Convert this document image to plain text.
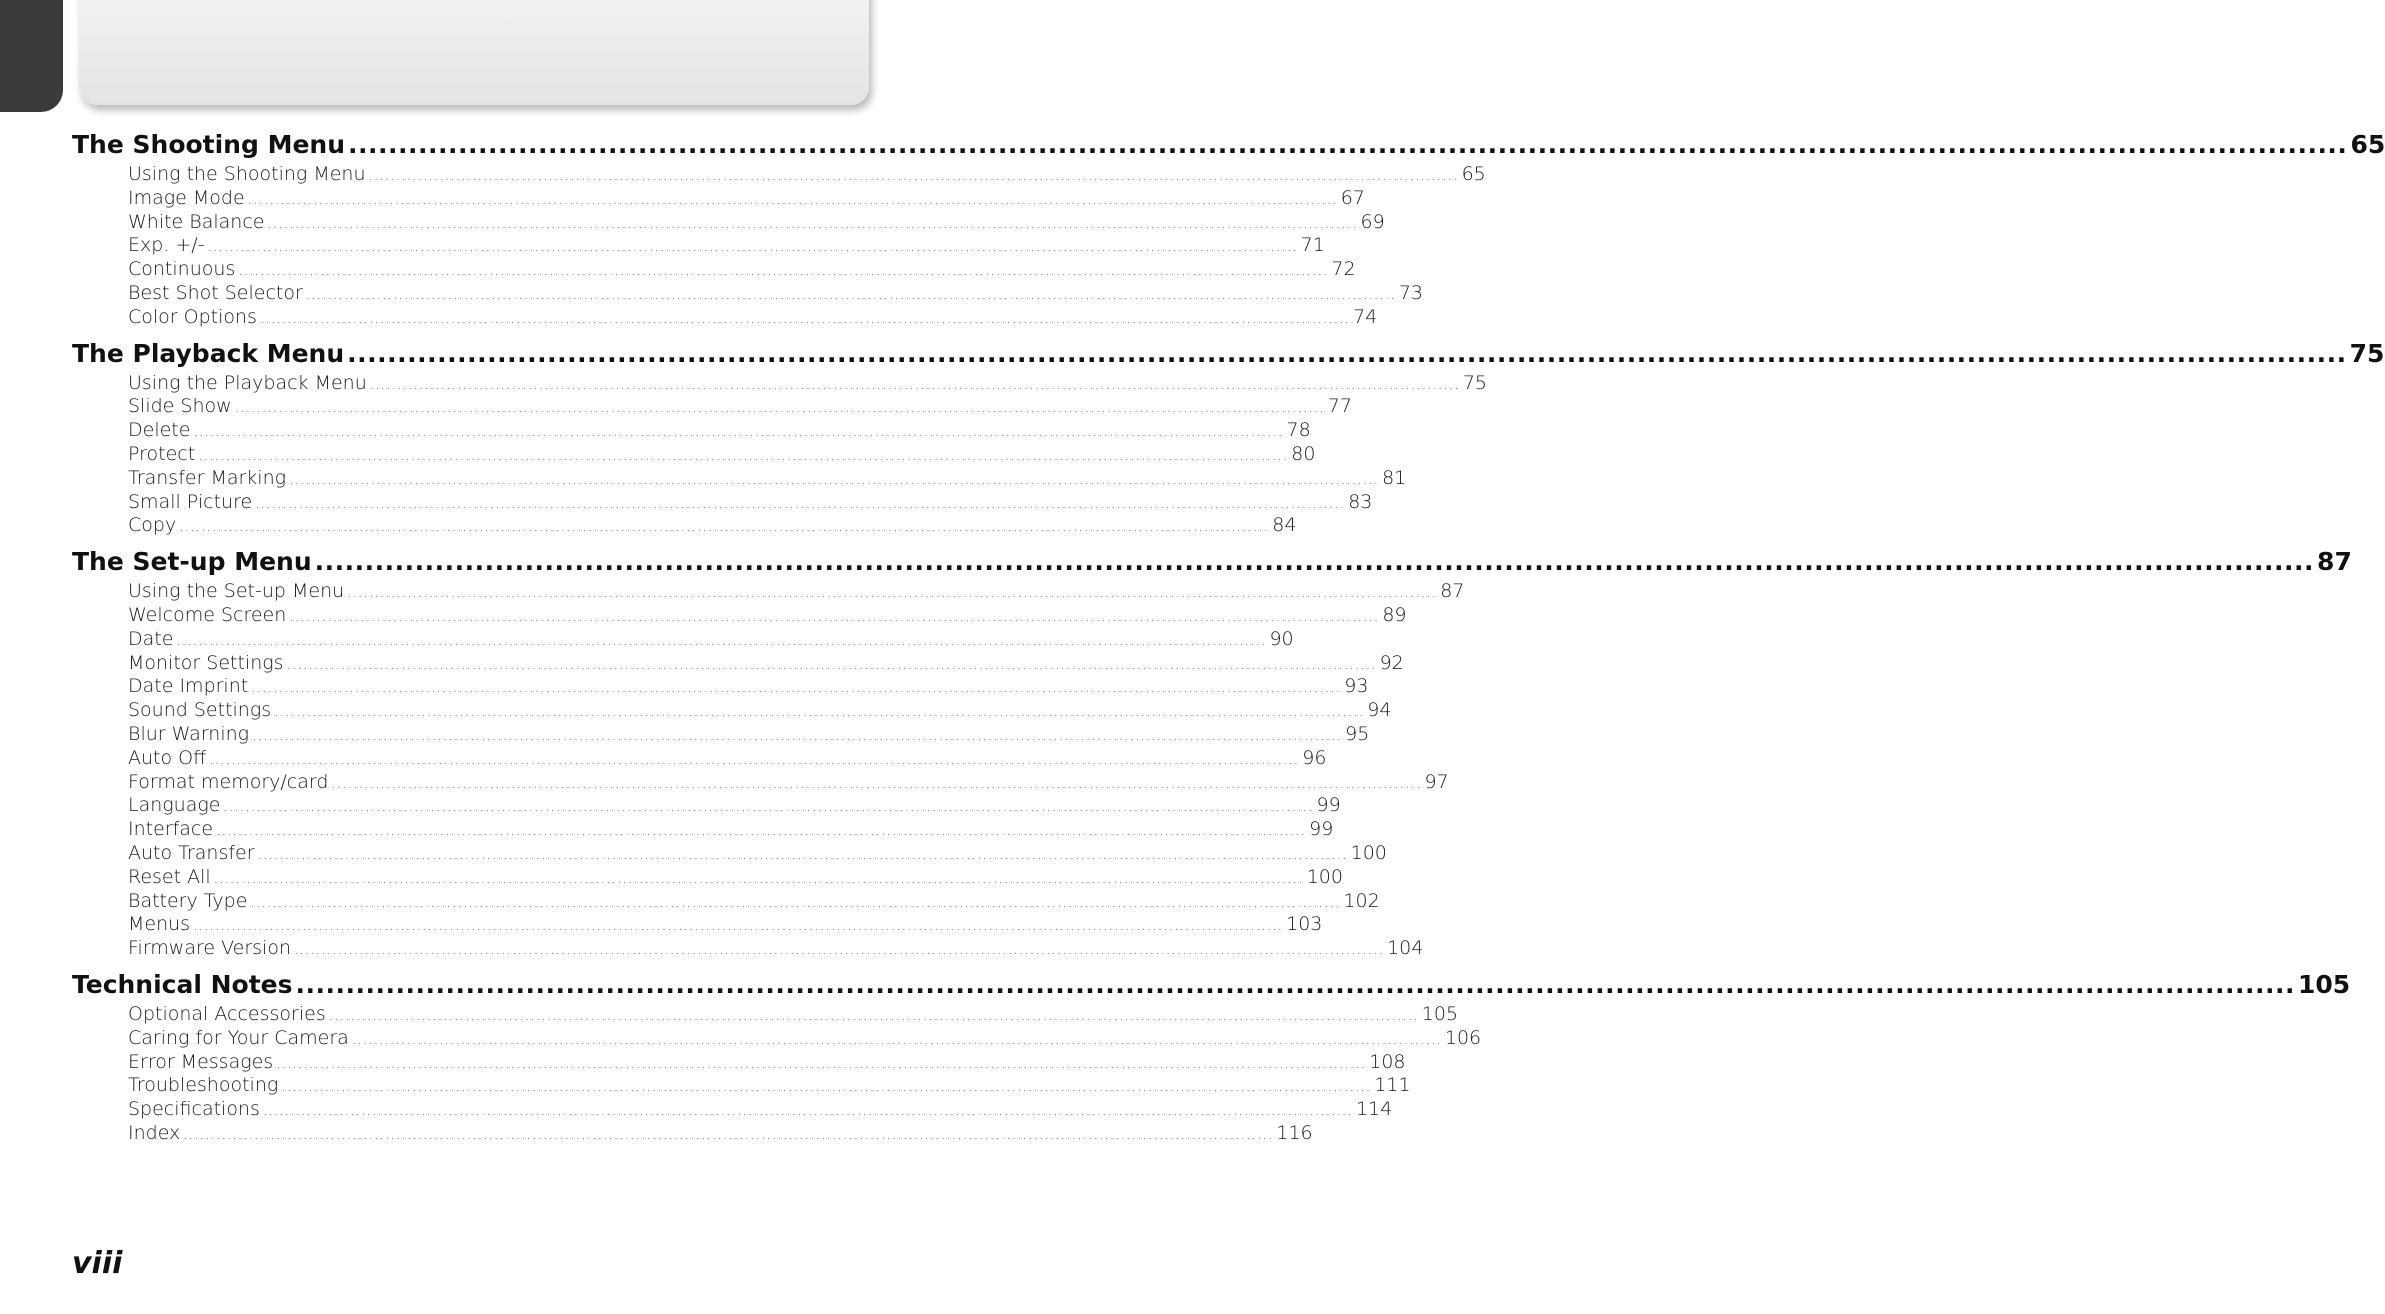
The Shooting Menu ........................................................................................................................................................................................................ 65
Using the Shooting Menu ........................................................................................................................................................................................................ 65
Image Mode ........................................................................................................................................................................................................ 67
White Balance ........................................................................................................................................................................................................ 69
Exp. +/- ........................................................................................................................................................................................................ 71
Continuous ........................................................................................................................................................................................................ 72
Best Shot Selector ........................................................................................................................................................................................................ 73
Color Options ........................................................................................................................................................................................................ 74
The Playback Menu ........................................................................................................................................................................................................ 75
Using the Playback Menu ........................................................................................................................................................................................................ 75
Slide Show ........................................................................................................................................................................................................ 77
Delete ........................................................................................................................................................................................................ 78
Protect ........................................................................................................................................................................................................ 80
Transfer Marking ........................................................................................................................................................................................................ 81
Small Picture ........................................................................................................................................................................................................ 83
Copy ........................................................................................................................................................................................................ 84
The Set-up Menu ........................................................................................................................................................................................................ 87
Using the Set-up Menu ........................................................................................................................................................................................................ 87
Welcome Screen ........................................................................................................................................................................................................ 89
Date ........................................................................................................................................................................................................ 90
Monitor Settings ........................................................................................................................................................................................................ 92
Date Imprint ........................................................................................................................................................................................................ 93
Sound Settings ........................................................................................................................................................................................................ 94
Blur Warning ........................................................................................................................................................................................................ 95
Auto Off ........................................................................................................................................................................................................ 96
Format memory/card ........................................................................................................................................................................................................ 97
Language ........................................................................................................................................................................................................ 99
Interface ........................................................................................................................................................................................................ 99
Auto Transfer ........................................................................................................................................................................................................ 100
Reset All ........................................................................................................................................................................................................ 100
Battery Type ........................................................................................................................................................................................................ 102
Menus ........................................................................................................................................................................................................ 103
Firmware Version ........................................................................................................................................................................................................ 104
Technical Notes ........................................................................................................................................................................................................ 105
Optional Accessories ........................................................................................................................................................................................................ 105
Caring for Your Camera ........................................................................................................................................................................................................ 106
Error Messages ........................................................................................................................................................................................................ 108
Troubleshooting ........................................................................................................................................................................................................ 111
Specifications ........................................................................................................................................................................................................ 114
Index ........................................................................................................................................................................................................ 116
viii
